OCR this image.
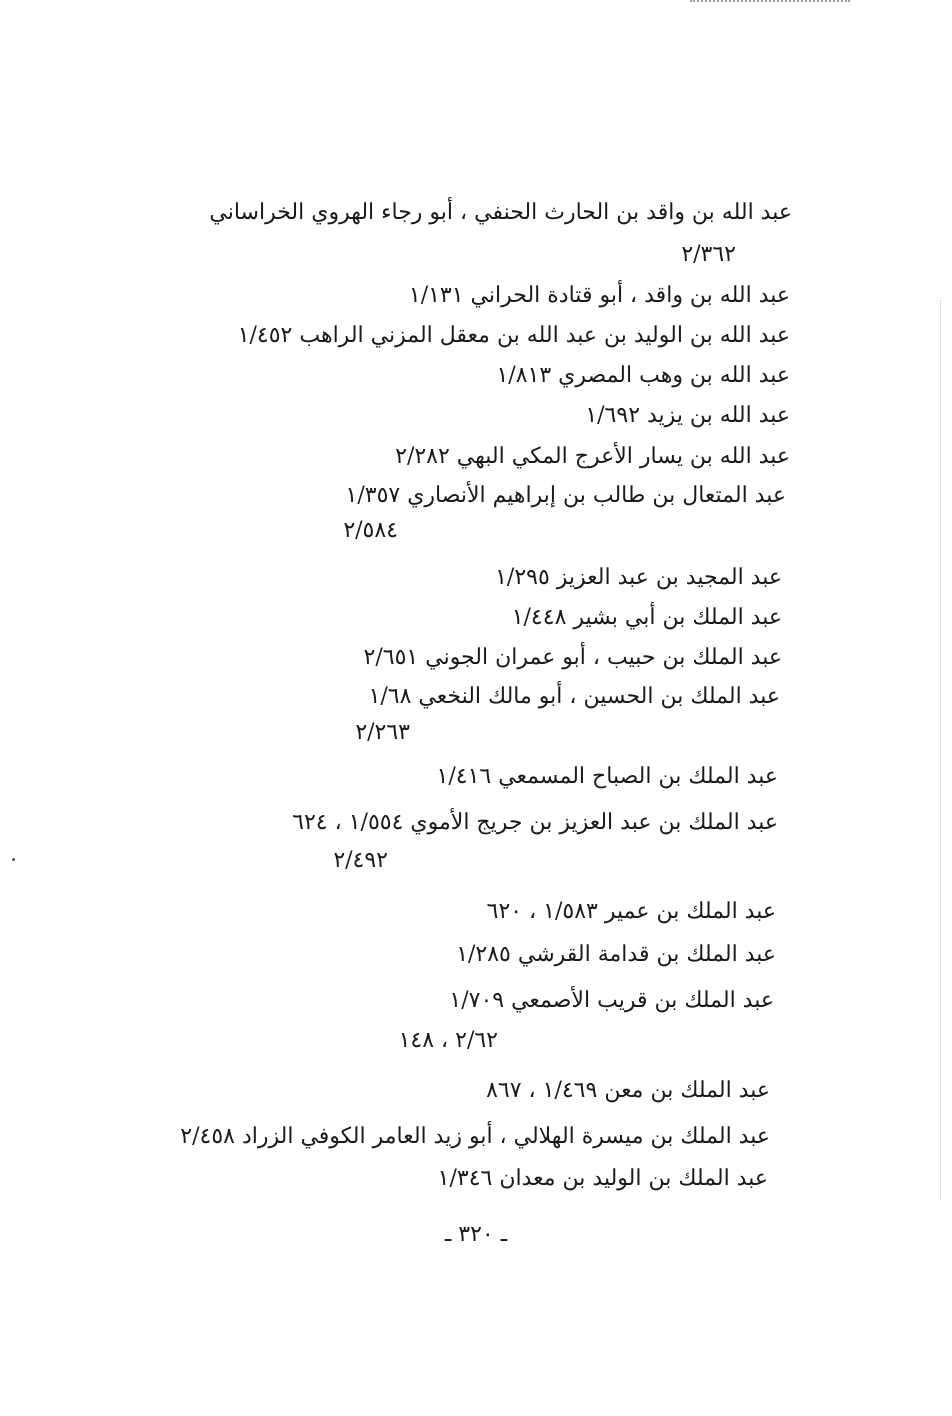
عبد الله بن واقد بن الحارث الحنفي ، أبو رجاء الهروي الخراساني
٢/٣٦٢
عبد الله بن واقد ، أبو قتادة الحراني ١/١٣١
عبد الله بن الوليد بن عبد الله بن معقل المزني الراهب ١/٤٥٢
عبد الله بن وهب المصري ١/٨١٣
عبد الله بن يزيد ١/٦٩٢
عبد الله بن يسار الأعرج المكي البهي ٢/٢٨٢
عبد المتعال بن طالب بن إبراهيم الأنصاري ١/٣٥٧
٢/٥٨٤
عبد المجيد بن عبد العزيز ١/٢٩٥
عبد الملك بن أبي بشير ١/٤٤٨
عبد الملك بن حبيب ، أبو عمران الجوني ٢/٦٥١
عبد الملك بن الحسين ، أبو مالك النخعي ١/٦٨
٢/٢٦٣
عبد الملك بن الصباح المسمعي ١/٤١٦
عبد الملك بن عبد العزيز بن جريج الأموي ١/٥٥٤ ، ٦٢٤
٢/٤٩٢
عبد الملك بن عمير ١/٥٨٣ ، ٦٢٠
عبد الملك بن قدامة القرشي ١/٢٨٥
عبد الملك بن قريب الأصمعي ١/٧٠٩
٢/٦٢ ، ١٤٨
عبد الملك بن معن ١/٤٦٩ ، ٨٦٧
عبد الملك بن ميسرة الهلالي ، أبو زيد العامر الكوفي الزراد ٢/٤٥٨
عبد الملك بن الوليد بن معدان ١/٣٤٦
ـ ٣٢٠ ـ
